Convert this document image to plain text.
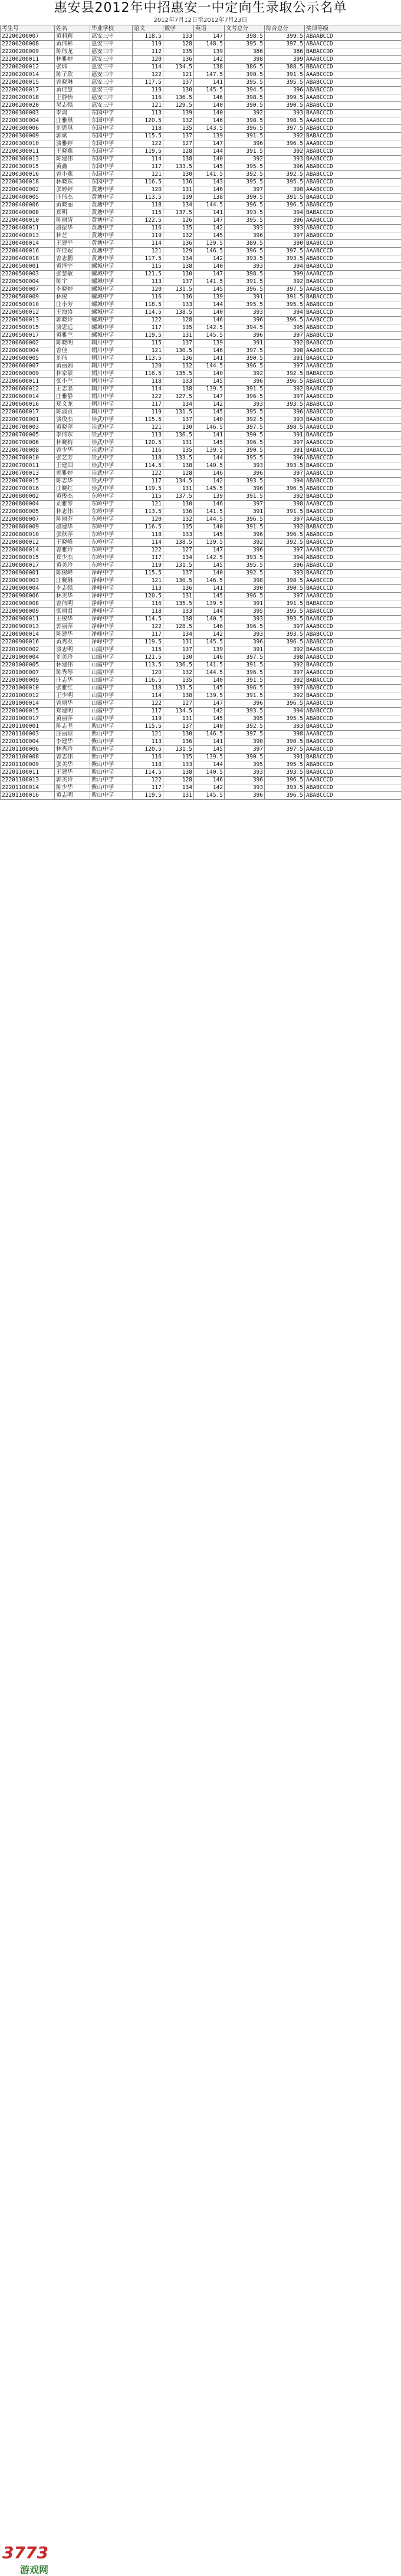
惠安县2012年中招惠安一中定向生录取公示名单
2012年7月12日至2012年7月23日
考生号	姓名	毕业学校	语文	数学	英语	文考总分	综合总分	奖项等级
22200200007	黄莉莉	惠安三中	118.5	133	147	398.5	399.5	ABAABCCD
22200200008	黄伟彬	惠安三中	119	128	148.5	395.5	397.5	ABAACCCD
22200200009	陈伟龙	惠安三中	112	135	139	386	386	BABACCDD
22200200011	林雅婷	惠安三中	120	136	142	398	399	AAABCCCD
22200200012	张炜	惠安三中	114	134.5	138	386.5	388.5	BBAACCCD
22200200014	陈子欣	惠安三中	122	121	147.5	390.5	391.5	AAABCCCD
22200200015	曾晓琳	惠安三中	117.5	137	141	395.5	395.5	ABABCCCD
22200200017	黄佳慧	惠安三中	119	130	145.5	394.5	396	ABABCCCD
22200200018	王静怡	惠安三中	116	136.5	146	398.5	399.5	AAABCCCD
22200200020	吴志强	惠安三中	121	129.5	140	390.5	390.5	ABABCCCD
22200300003	李鸿	东园中学	113	139	140	392	393	BAABCCCD
22200300004	庄雅琪	东园中学	120.5	132	146	398.5	398.5	AAABCCCD
22200300006	刘思琪	东园中学	118	135	143.5	396.5	397.5	ABABCCCD
22200300009	郭斌	东园中学	115.5	137	139	391.5	392	BABACCCD
22200300010	骆雅婷	东园中学	122	127	147	396	396.5	AAABCCCD
22200300011	王晓燕	东园中学	119.5	128	144	391.5	392	ABABCCCD
22200300013	陈建伟	东园中学	114	138	140	392	393	BAABCCCD
22200300015	黄鑫	东园中学	117	133.5	145	395.5	396	ABABCCCD
22200300016	曾小燕	东园中学	121	130	141.5	392.5	392.5	ABABCCCD
22200300018	林晓东	东园中学	116.5	136	143	395.5	395.5	ABABCCCD
22200400002	张婷婷	黄塘中学	120	131	146	397	398	AAABCCCD
22200400005	庄伟杰	黄塘中学	113.5	139	138	390.5	391.5	BAABCCCD
22200400006	黄晓丽	黄塘中学	118	134	144.5	396.5	396.5	ABABCCCD
22200400008	郑明	黄塘中学	115	137.5	141	393.5	394	BABACCCD
22200400010	陈丽清	黄塘中学	122.5	126	147	395.5	396	AAABCCCD
22200400011	骆振华	黄塘中学	116	135	142	393	393	ABABCCCD
22200400013	林艺	黄塘中学	119	132	145	396	397	ABABCCCD
22200400014	王建平	黄塘中学	114	136	139.5	389.5	390	BAABCCCD
22200400016	许佳妮	黄塘中学	121	129	146.5	396.5	397.5	AAABCCCD
22200400018	曾志鹏	黄塘中学	117.5	134	142	393.5	393.5	ABABCCCD
22200500001	黄泽宇	螺城中学	115	138	140	393	394	BAABCCCD
22200500003	张慧敏	螺城中学	121.5	130	147	398.5	399	AAABCCCD
22200500004	陈宇	螺城中学	113	137	141.5	391.5	392	BAABCCCD
22200500007	李晓婷	螺城中学	120	131.5	145	396.5	397.5	AAABCCCD
22200500009	林俊	螺城中学	116	136	139	391	391.5	BABACCCD
22200500010	庄小芳	螺城中学	118.5	133	144	395.5	395.5	ABABCCCD
22200500012	王海涛	螺城中学	114.5	138.5	140	393	394	BAABCCCD
22200500013	郭晓玲	螺城中学	122	128	146	396	396.5	AAABCCCD
22200500015	骆思远	螺城中学	117	135	142.5	394.5	395	ABABCCCD
22200500017	黄雅兰	螺城中学	119.5	131	145.5	396	397	ABABCCCD
22200600002	陈晓明	辋川中学	115	137	139	391	392	BAABCCCD
22200600004	曾佳	辋川中学	121	130.5	146	397.5	398	AAABCCCD
22200600005	刘伟	辋川中学	113.5	136	141	390.5	391	BAABCCCD
22200600007	黄丽娟	辋川中学	120	132	144.5	396.5	397	AAABCCCD
22200600009	林家豪	辋川中学	116.5	135.5	140	392	392.5	BABACCCD
22200600011	张小兰	辋川中学	118	133	145	396	396.5	ABABCCCD
22200600012	王志坚	辋川中学	114	138	139.5	391.5	392	BAABCCCD
22200600014	庄雅静	辋川中学	122	127.5	147	396.5	397	AAABCCCD
22200600016	郑文龙	辋川中学	117	134	142	393	393.5	ABABCCCD
22200600017	陈淑贞	辋川中学	119	131.5	145	395.5	396	ABABCCCD
22200700001	骆俊杰	崇武中学	115.5	137	140	392.5	393	BAABCCCD
22200700003	黄晓萍	崇武中学	121	130	146.5	397.5	398.5	AAABCCCD
22200700005	李伟东	崇武中学	113	136.5	141	390.5	391	BAABCCCD
22200700006	林晓梅	崇武中学	120.5	131	145	396.5	397	AAABCCCD
22200700008	曾少华	崇武中学	116	135	139.5	390.5	391	BABACCCD
22200700010	张艺芳	崇武中学	118	133.5	144	395.5	396	ABABCCCD
22200700011	王建国	崇武中学	114.5	138	140.5	393	393.5	BAABCCCD
22200700013	郭雅婷	崇武中学	122	128	146	396	397	AAABCCCD
22200700015	陈志华	崇武中学	117	134.5	142	393.5	394	ABABCCCD
22200700016	庄晓红	崇武中学	119.5	131	145.5	396	396.5	ABABCCCD
22200800002	黄俊杰	东岭中学	115	137.5	139	391.5	392	BAABCCCD
22200800004	刘雅琴	东岭中学	121	130	146	397	398	AAABCCCD
22200800005	林志伟	东岭中学	113.5	136	141.5	391	391.5	BAABCCCD
22200800007	陈丽芬	东岭中学	120	132	144.5	396.5	397	AAABCCCD
22200800009	骆建华	东岭中学	116.5	135	140	391.5	392	BABACCCD
22200800010	张秋萍	东岭中学	118	133	145	396	396.5	ABABCCCD
22200800012	王晓峰	东岭中学	114	138.5	139.5	392	392.5	BAABCCCD
22200800014	曾雅玲	东岭中学	122	127	147	396	397	AAABCCCD
22200800015	郑少杰	东岭中学	117	134	142.5	393.5	394	ABABCCCD
22200800017	黄美玲	东岭中学	119	131.5	145	395.5	396	ABABCCCD
22200900001	陈俊峰	净峰中学	115.5	137	140	392.5	393	BAABCCCD
22200900003	庄晓琳	净峰中学	121	130.5	146.5	398	398.5	AAABCCCD
22200900004	李志强	净峰中学	113	136	141	390	390.5	BAABCCCD
22200900006	林美华	净峰中学	120.5	131	145	396.5	397	AAABCCCD
22200900008	曾伟明	净峰中学	116	135.5	139.5	391	391.5	BABACCCD
22200900009	张丽君	净峰中学	118	133	144	395	395.5	ABABCCCD
22200900011	王俊华	净峰中学	114.5	138	140.5	393	393.5	BAABCCCD
22200900013	郭丽萍	净峰中学	122	128.5	146	396.5	397	AAABCCCD
22200900014	陈建华	净峰中学	117	134	142	393	393.5	ABABCCCD
22200900016	黄秀英	净峰中学	119.5	131	145.5	396	396.5	ABABCCCD
22201000002	骆志明	山霞中学	115	137	139	391	392	BAABCCCD
22201000004	刘美玲	山霞中学	121.5	130	146	397.5	398	AAABCCCD
22201000005	林建伟	山霞中学	113.5	136.5	141.5	391.5	392	BAABCCCD
22201000007	陈秀琴	山霞中学	120	132	144.5	396.5	397	AAABCCCD
22201000009	庄志华	山霞中学	116.5	135	140	391.5	392	BABACCCD
22201000010	张雅红	山霞中学	118	133.5	145	396.5	397	ABABCCCD
22201000012	王少明	山霞中学	114	138	139.5	391.5	392	BAABCCCD
22201000014	曾丽华	山霞中学	122	127	147	396	396.5	AAABCCCD
22201000015	郑建明	山霞中学	117	134.5	142	393.5	394	ABABCCCD
22201000017	黄丽萍	山霞中学	119	131	145	395	395.5	ABABCCCD
22201100001	陈志坚	紫山中学	115.5	137	140	392.5	393	BAABCCCD
22201100003	庄丽琼	紫山中学	121	130	146.5	397.5	398	AAABCCCD
22201100004	李建华	紫山中学	113	136	141	390	390.5	BAABCCCD
22201100006	林秀玲	紫山中学	120.5	131.5	145	397	397.5	AAABCCCD
22201100008	曾志伟	紫山中学	116	135	139.5	390.5	391	BABACCCD
22201100009	张美华	紫山中学	118	133	144	395	395.5	ABABCCCD
22201100011	王建华	紫山中学	114.5	138	140.5	393	393.5	BAABCCCD
22201100013	郭美玲	紫山中学	122	128	146	396	396.5	AAABCCCD
22201100014	陈少华	紫山中学	117	134	142	393	393.5	ABABCCCD
22201100016	黄志明	紫山中学	119.5	131	145.5	396	396.5	ABABCCCD
3773
游戏网
